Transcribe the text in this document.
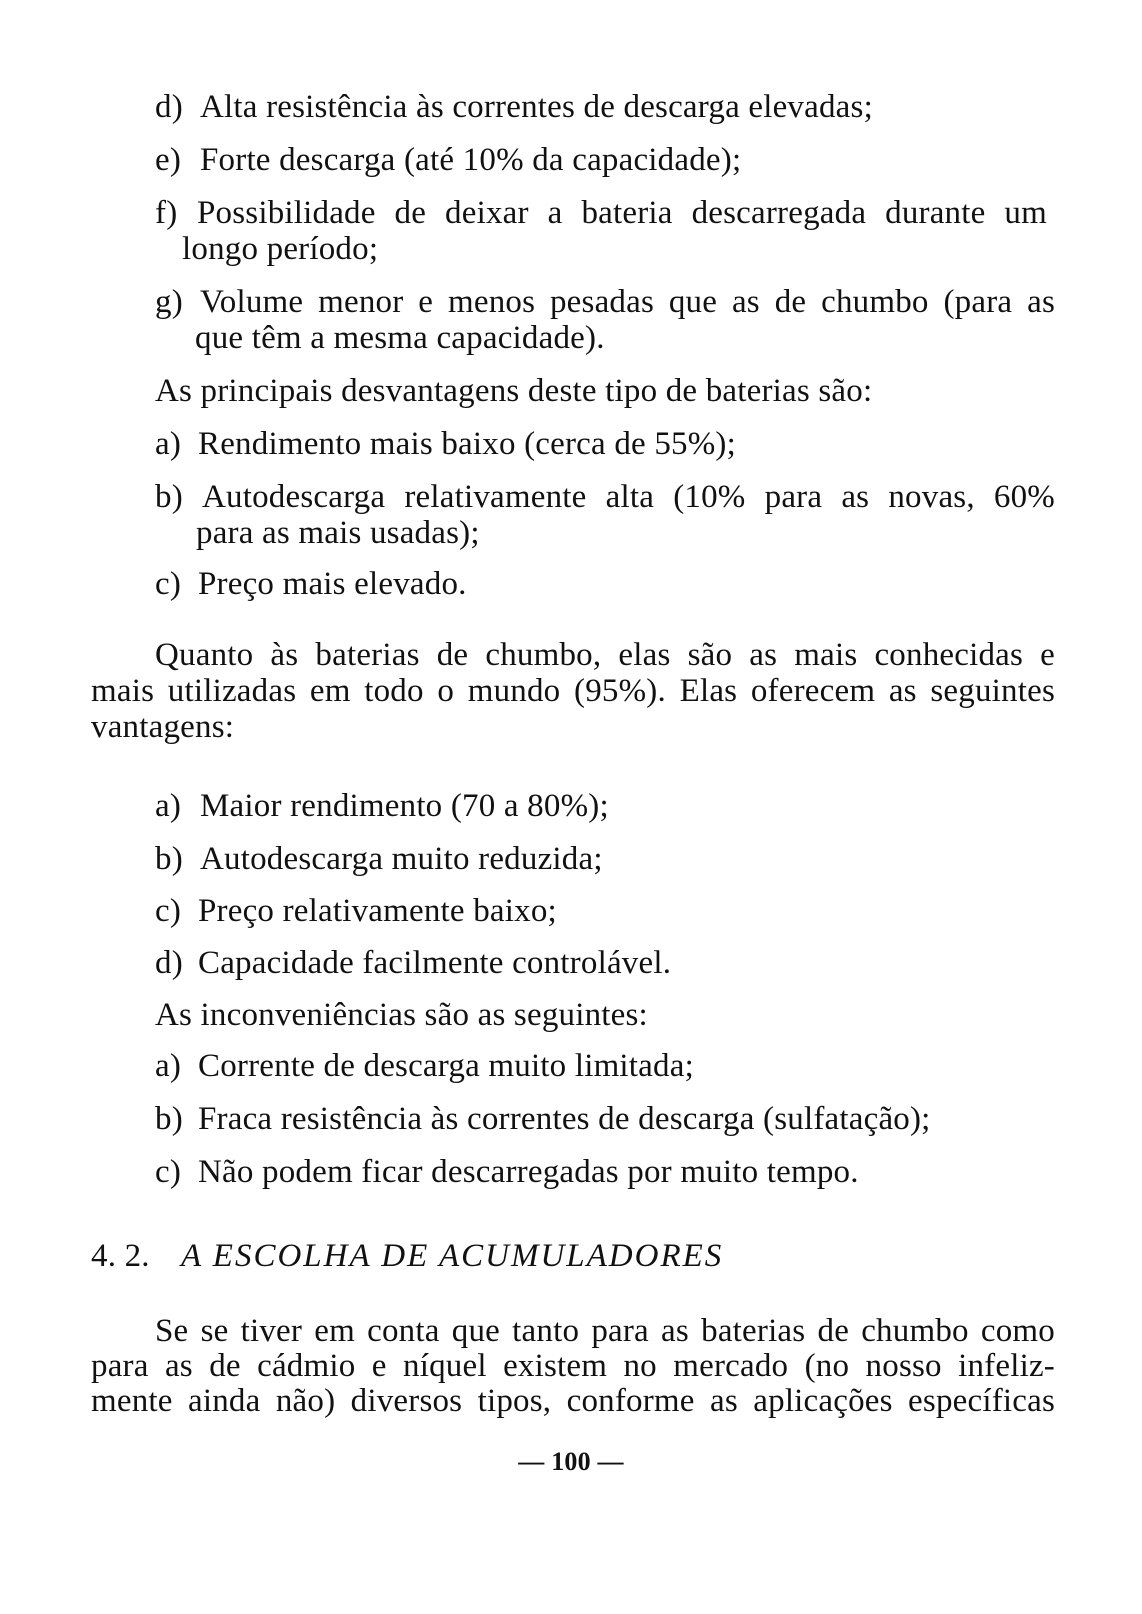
d) Alta resistência às correntes de descarga elevadas;

e) Forte descarga (até 10% da capacidade);

f) Possibilidade de deixar a bateria descarregada durante um

longo período;

g) Volume menor e menos pesadas que as de chumbo (para as

que têm a mesma capacidade).

As principais desvantagens deste tipo de baterias são:

a) Rendimento mais baixo (cerca de 55%);

b) Autodescarga relativamente alta (10% para as novas, 60%

para as mais usadas);

c) Preço mais elevado.

Quanto às baterias de chumbo, elas são as mais conhecidas e

mais utilizadas em todo o mundo (95%). Elas oferecem as seguintes

vantagens:

a) Maior rendimento (70 a 80%);

b) Autodescarga muito reduzida;

c) Preço relativamente baixo;

d) Capacidade facilmente controlável.

As inconveniências são as seguintes:

a) Corrente de descarga muito limitada;

b) Fraca resistência às correntes de descarga (sulfatação);

c) Não podem ficar descarregadas por muito tempo.

4. 2. A ESCOLHA DE ACUMULADORES

Se se tiver em conta que tanto para as baterias de chumbo como

para as de cádmio e níquel existem no mercado (no nosso infeliz-

mente ainda não) diversos tipos, conforme as aplicações específicas

— 100 —
